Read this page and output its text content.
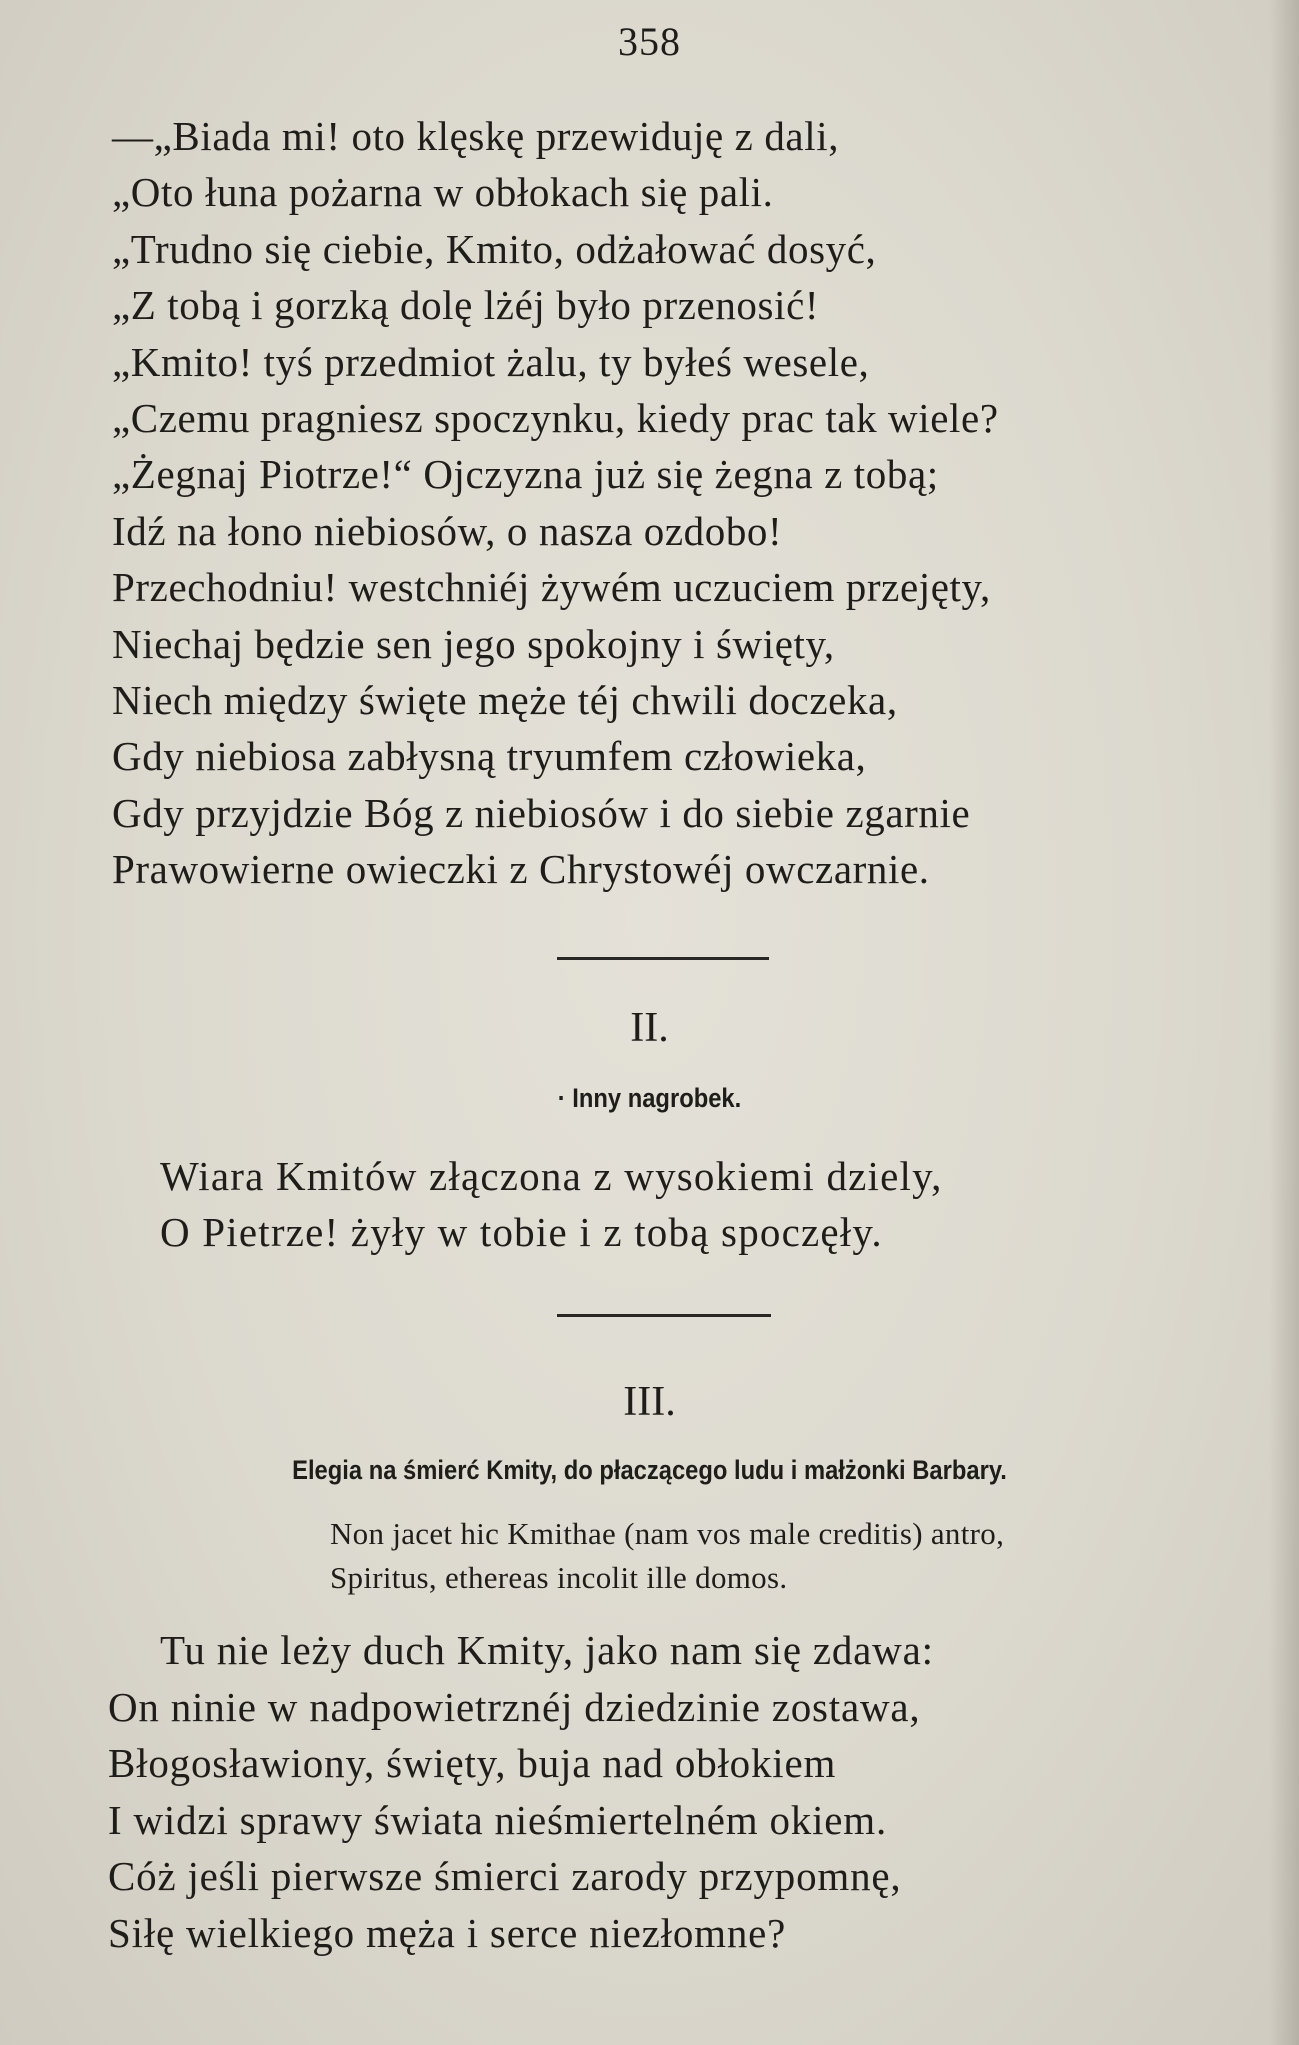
358
—„Biada mi! oto klęskę przewiduję z dali,
„Oto łuna pożarna w obłokach się pali.
„Trudno się ciebie, Kmito, odżałować dosyć,
„Z tobą i gorzką dolę lżéj było przenosić!
„Kmito! tyś przedmiot żalu, ty byłeś wesele,
„Czemu pragniesz spoczynku, kiedy prac tak wiele?
„Żegnaj Piotrze!“ Ojczyzna już się żegna z tobą;
Idź na łono niebiosów, o nasza ozdobo!
Przechodniu! westchniéj żywém uczuciem przejęty,
Niechaj będzie sen jego spokojny i święty,
Niech między święte męże téj chwili doczeka,
Gdy niebiosa zabłysną tryumfem człowieka,
Gdy przyjdzie Bóg z niebiosów i do siebie zgarnie
Prawowierne owieczki z Chrystowéj owczarnie.
II.
· Inny nagrobek.
Wiara Kmitów złączona z wysokiemi dziely,
O Pietrze! żyły w tobie i z tobą spoczęły.
III.
Elegia na śmierć Kmity, do płaczącego ludu i małżonki Barbary.
Non jacet hic Kmithae (nam vos male creditis) antro,
Spiritus, ethereas incolit ille domos.
Tu nie leży duch Kmity, jako nam się zdawa:
On ninie w nadpowietrznéj dziedzinie zostawa,
Błogosławiony, święty, buja nad obłokiem
I widzi sprawy świata nieśmiertelném okiem.
Cóż jeśli pierwsze śmierci zarody przypomnę,
Siłę wielkiego męża i serce niezłomne?
